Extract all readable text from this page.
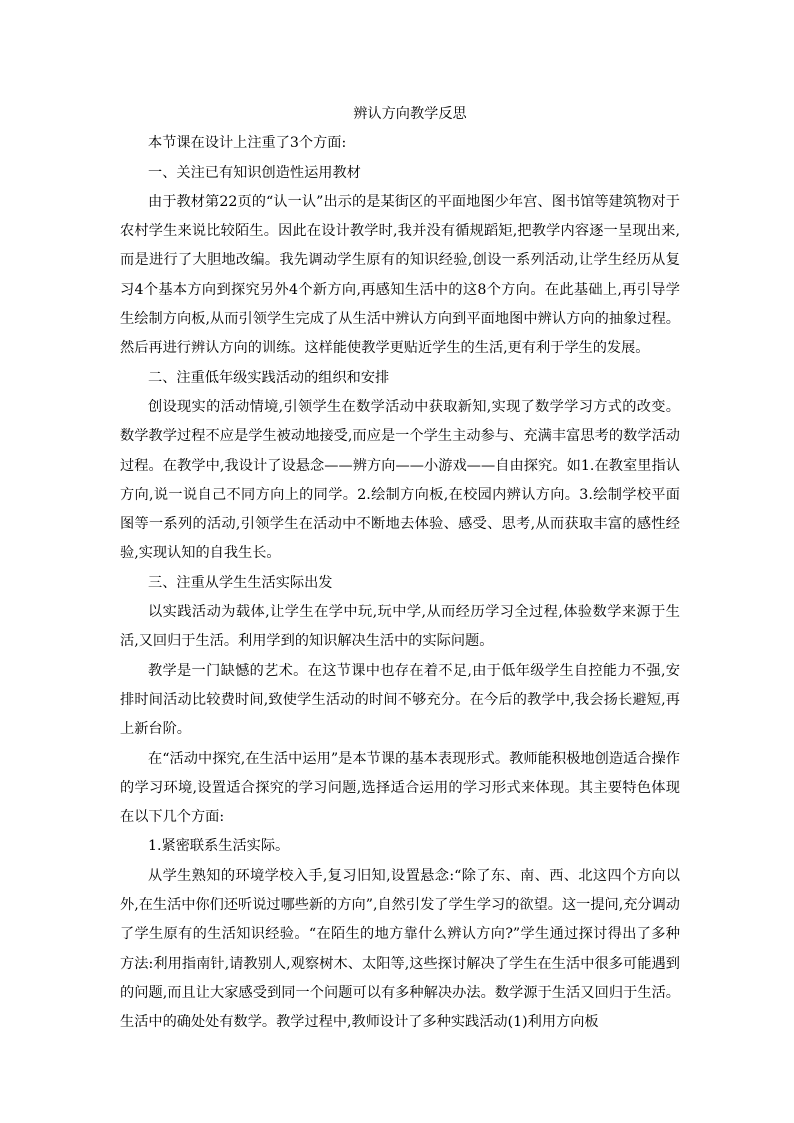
辨认方向教学反思

本节课在设计上注重了3个方面:

一、关注已有知识创造性运用教材

由于教材第22页的“认一认”出示的是某街区的平面地图少年宫、图书馆等建筑物对于农村学生来说比较陌生。因此在设计教学时,我并没有循规蹈矩,把教学内容逐一呈现出来,而是进行了大胆地改编。我先调动学生原有的知识经验,创设一系列活动,让学生经历从复习4个基本方向到探究另外4个新方向,再感知生活中的这8个方向。在此基础上,再引导学生绘制方向板,从而引领学生完成了从生活中辨认方向到平面地图中辨认方向的抽象过程。然后再进行辨认方向的训练。这样能使教学更贴近学生的生活,更有利于学生的发展。

二、注重低年级实践活动的组织和安排

创设现实的活动情境,引领学生在数学活动中获取新知,实现了数学学习方式的改变。数学教学过程不应是学生被动地接受,而应是一个学生主动参与、充满丰富思考的数学活动过程。在教学中,我设计了设悬念——辨方向——小游戏——自由探究。如1.在教室里指认方向,说一说自己不同方向上的同学。2.绘制方向板,在校园内辨认方向。3.绘制学校平面图等一系列的活动,引领学生在活动中不断地去体验、感受、思考,从而获取丰富的感性经验,实现认知的自我生长。

三、注重从学生生活实际出发

以实践活动为载体,让学生在学中玩,玩中学,从而经历学习全过程,体验数学来源于生活,又回归于生活。利用学到的知识解决生活中的实际问题。

教学是一门缺憾的艺术。在这节课中也存在着不足,由于低年级学生自控能力不强,安排时间活动比较费时间,致使学生活动的时间不够充分。在今后的教学中,我会扬长避短,再上新台阶。

在“活动中探究,在生活中运用”是本节课的基本表现形式。教师能积极地创造适合操作的学习环境,设置适合探究的学习问题,选择适合运用的学习形式来体现。其主要特色体现在以下几个方面:

1.紧密联系生活实际。

从学生熟知的环境学校入手,复习旧知,设置悬念:“除了东、南、西、北这四个方向以外,在生活中你们还听说过哪些新的方向”,自然引发了学生学习的欲望。这一提问,充分调动了学生原有的生活知识经验。“在陌生的地方靠什么辨认方向?”学生通过探讨得出了多种方法:利用指南针,请教别人,观察树木、太阳等,这些探讨解决了学生在生活中很多可能遇到的问题,而且让大家感受到同一个问题可以有多种解决办法。数学源于生活又回归于生活。生活中的确处处有数学。教学过程中,教师设计了多种实践活动(1)利用方向板
